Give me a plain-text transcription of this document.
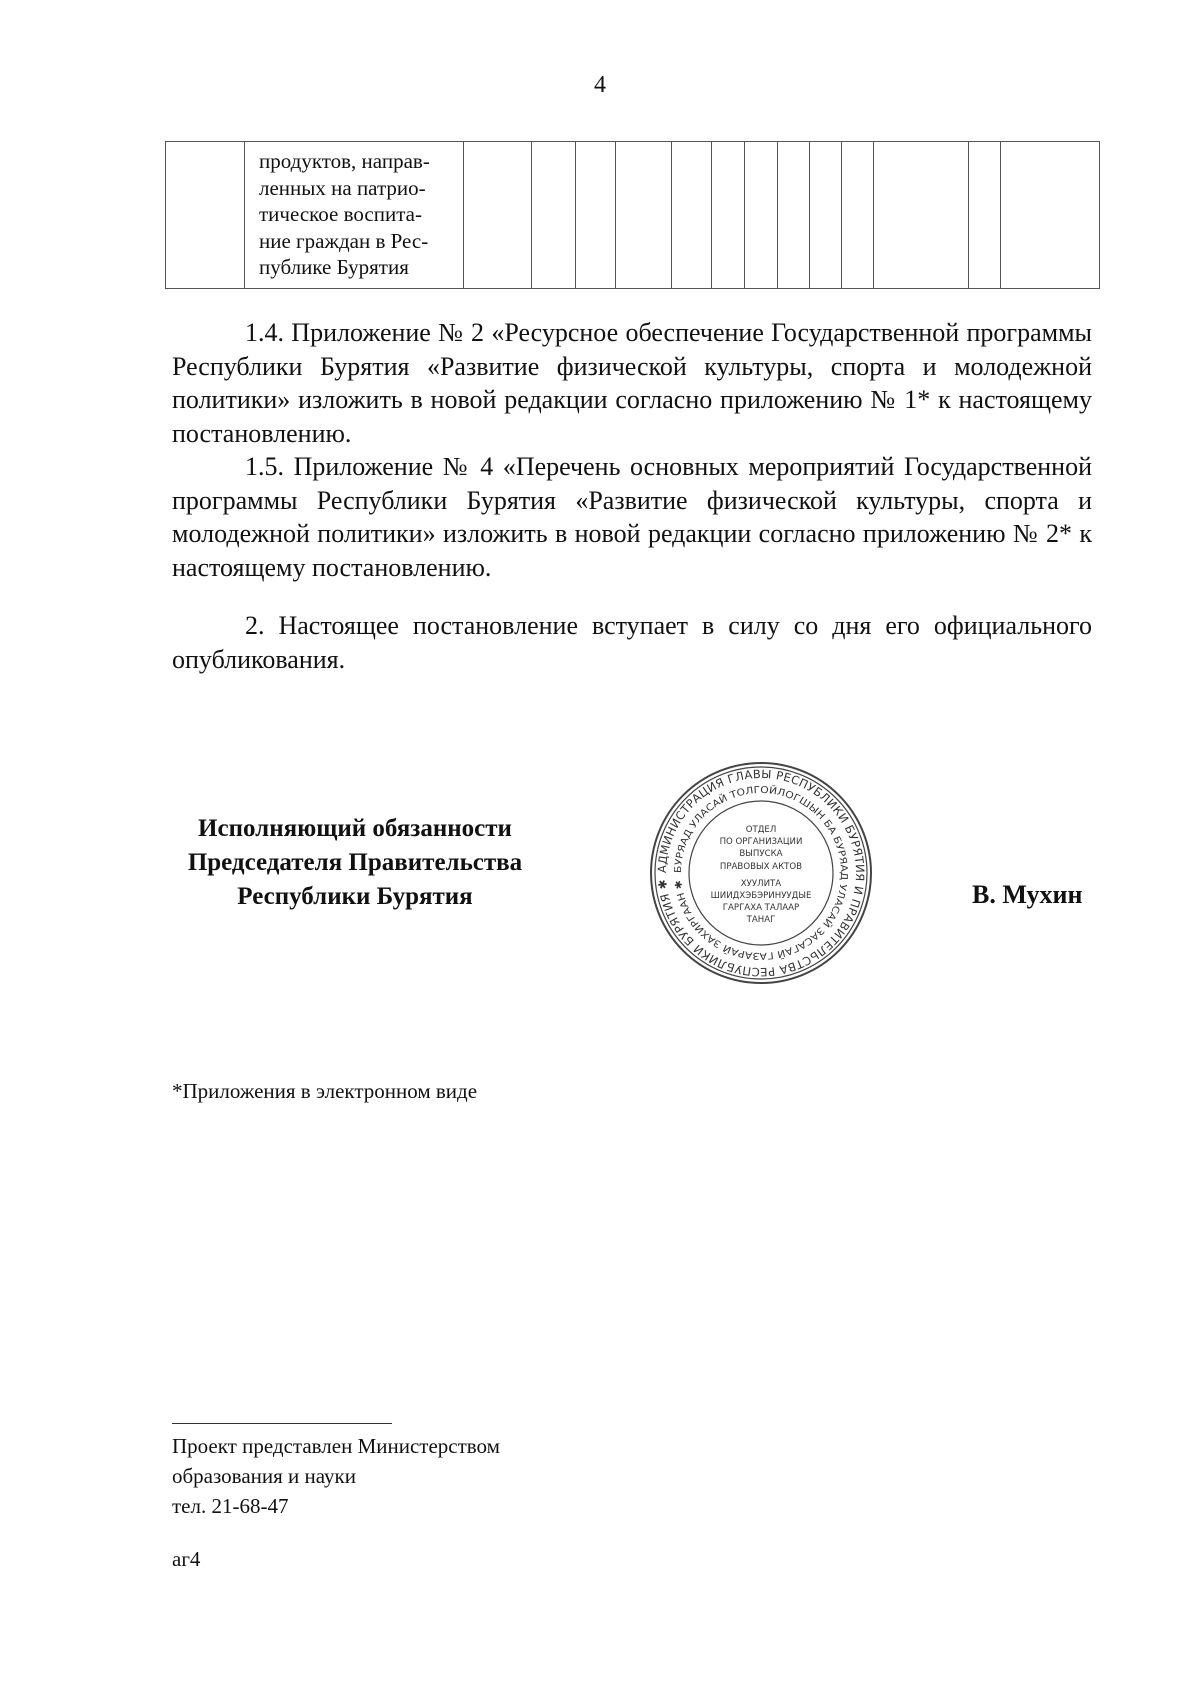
4

продуктов, направ-
ленных на патрио-
тическое воспита-
ние граждан в Рес-
публике Бурятия

1.4. Приложение № 2 «Ресурсное обеспечение Государственной программы Республики Бурятия «Развитие физической культуры, спорта и молодежной политики» изложить в новой редакции согласно приложению № 1* к настоящему постановлению.

1.5. Приложение № 4 «Перечень основных мероприятий Государственной программы Республики Бурятия «Развитие физической культуры, спорта и молодежной политики» изложить в новой редакции согласно приложению № 2* к настоящему постановлению.

2. Настоящее постановление вступает в силу со дня его официального опубликования.

Исполняющий обязанности
Председателя Правительства
Республики Бурятия
АДМИНИСТРАЦИЯ ГЛАВЫ РЕСПУБЛИКИ БУРЯТИЯ И ПРАВИТЕЛЬСТВА РЕСПУБЛИКИ БУРЯТИЯ ✱
БУРЯАД УЛАСАЙ ТОЛГОЙЛОГШЫН БА БУРЯАД УЛАСАЙ ЗАСАГАЙ ГАЗАРАЙ ЗАХИРГААН ✱
ОТДЕЛ
ПО ОРГАНИЗАЦИИ
ВЫПУСКА
ПРАВОВЫХ АКТОВ
ХУУЛИТА
ШИИДХЭБЭРИНУУДЫЕ
ГАРГАХА ТАЛААР
ТАНАГ
В. Мухин
*Приложения в электронном виде
Проект представлен Министерством
образования и науки
тел. 21-68-47
аг4
